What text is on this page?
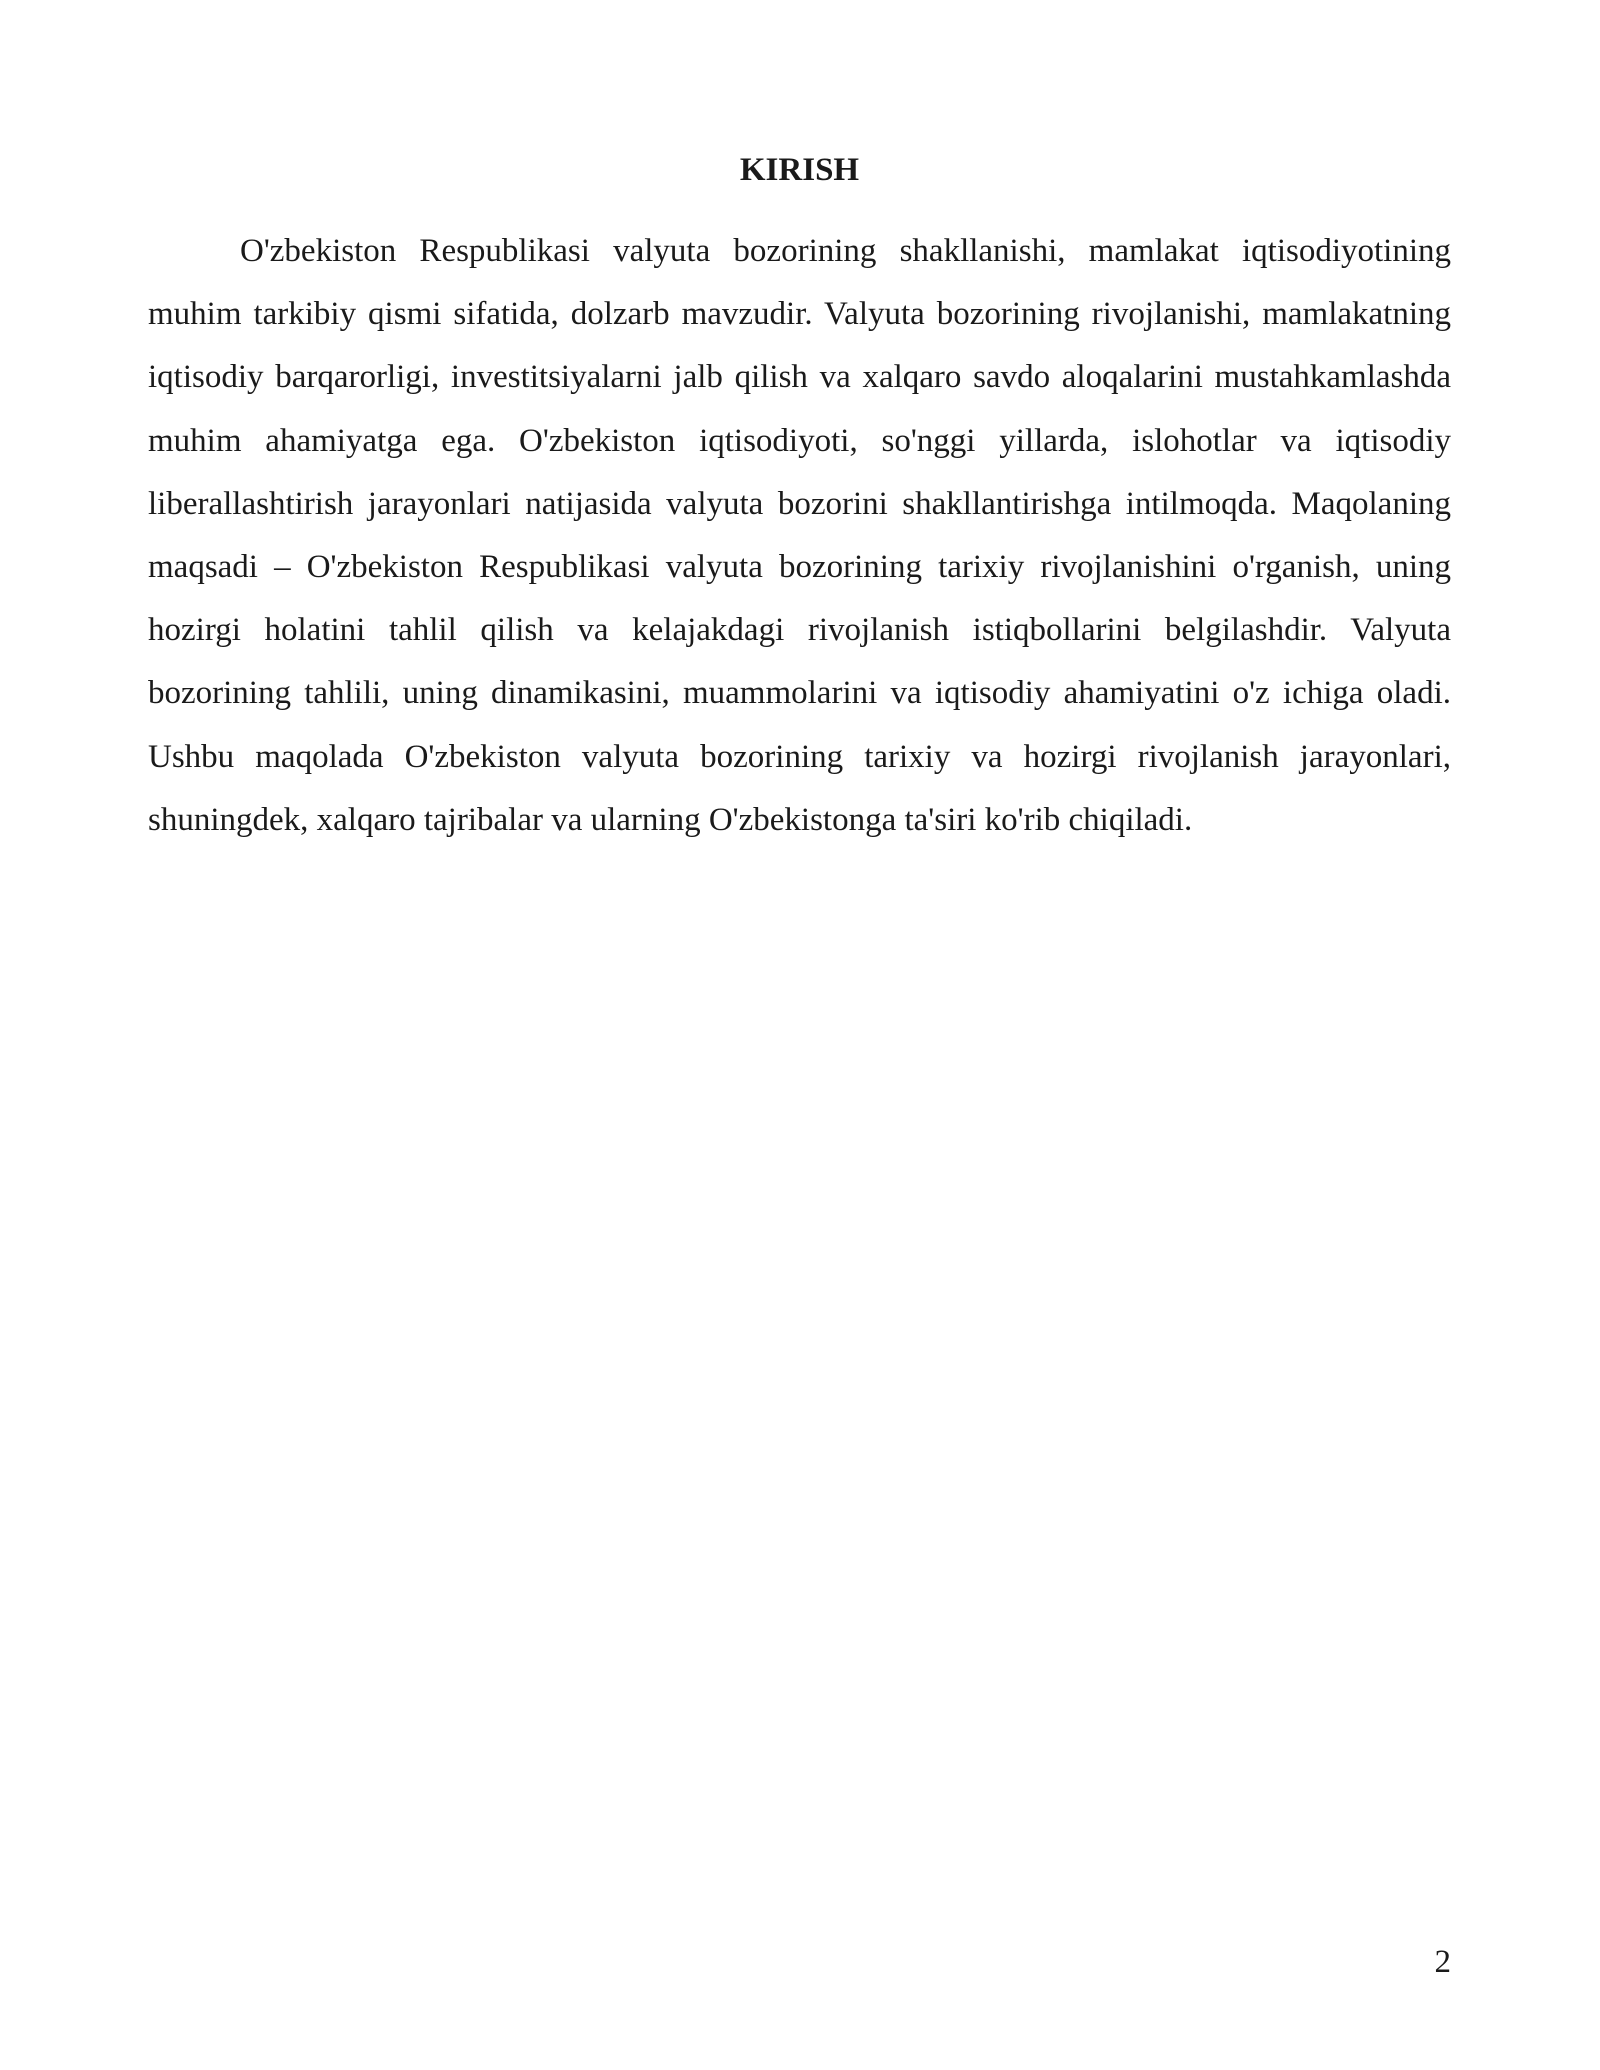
KIRISH

O'zbekiston Respublikasi valyuta bozorining shakllanishi, mamlakat iqtisodiyotining muhim tarkibiy qismi sifatida, dolzarb mavzudir. Valyuta bozorining rivojlanishi, mamlakatning iqtisodiy barqarorligi, investitsiyalarni jalb qilish va xalqaro savdo aloqalarini mustahkamlashda muhim ahamiyatga ega. O'zbekiston iqtisodiyoti, so'nggi yillarda, islohotlar va iqtisodiy liberallashtirish jarayonlari natijasida valyuta bozorini shakllantirishga intilmoqda. Maqolaning maqsadi – O'zbekiston Respublikasi valyuta bozorining tarixiy rivojlanishini o'rganish, uning hozirgi holatini tahlil qilish va kelajakdagi rivojlanish istiqbollarini belgilashdir. Valyuta bozorining tahlili, uning dinamikasini, muammolarini va iqtisodiy ahamiyatini o'z ichiga oladi. Ushbu maqolada O'zbekiston valyuta bozorining tarixiy va hozirgi rivojlanish jarayonlari, shuningdek, xalqaro tajribalar va ularning O'zbekistonga ta'siri ko'rib chiqiladi.

2
